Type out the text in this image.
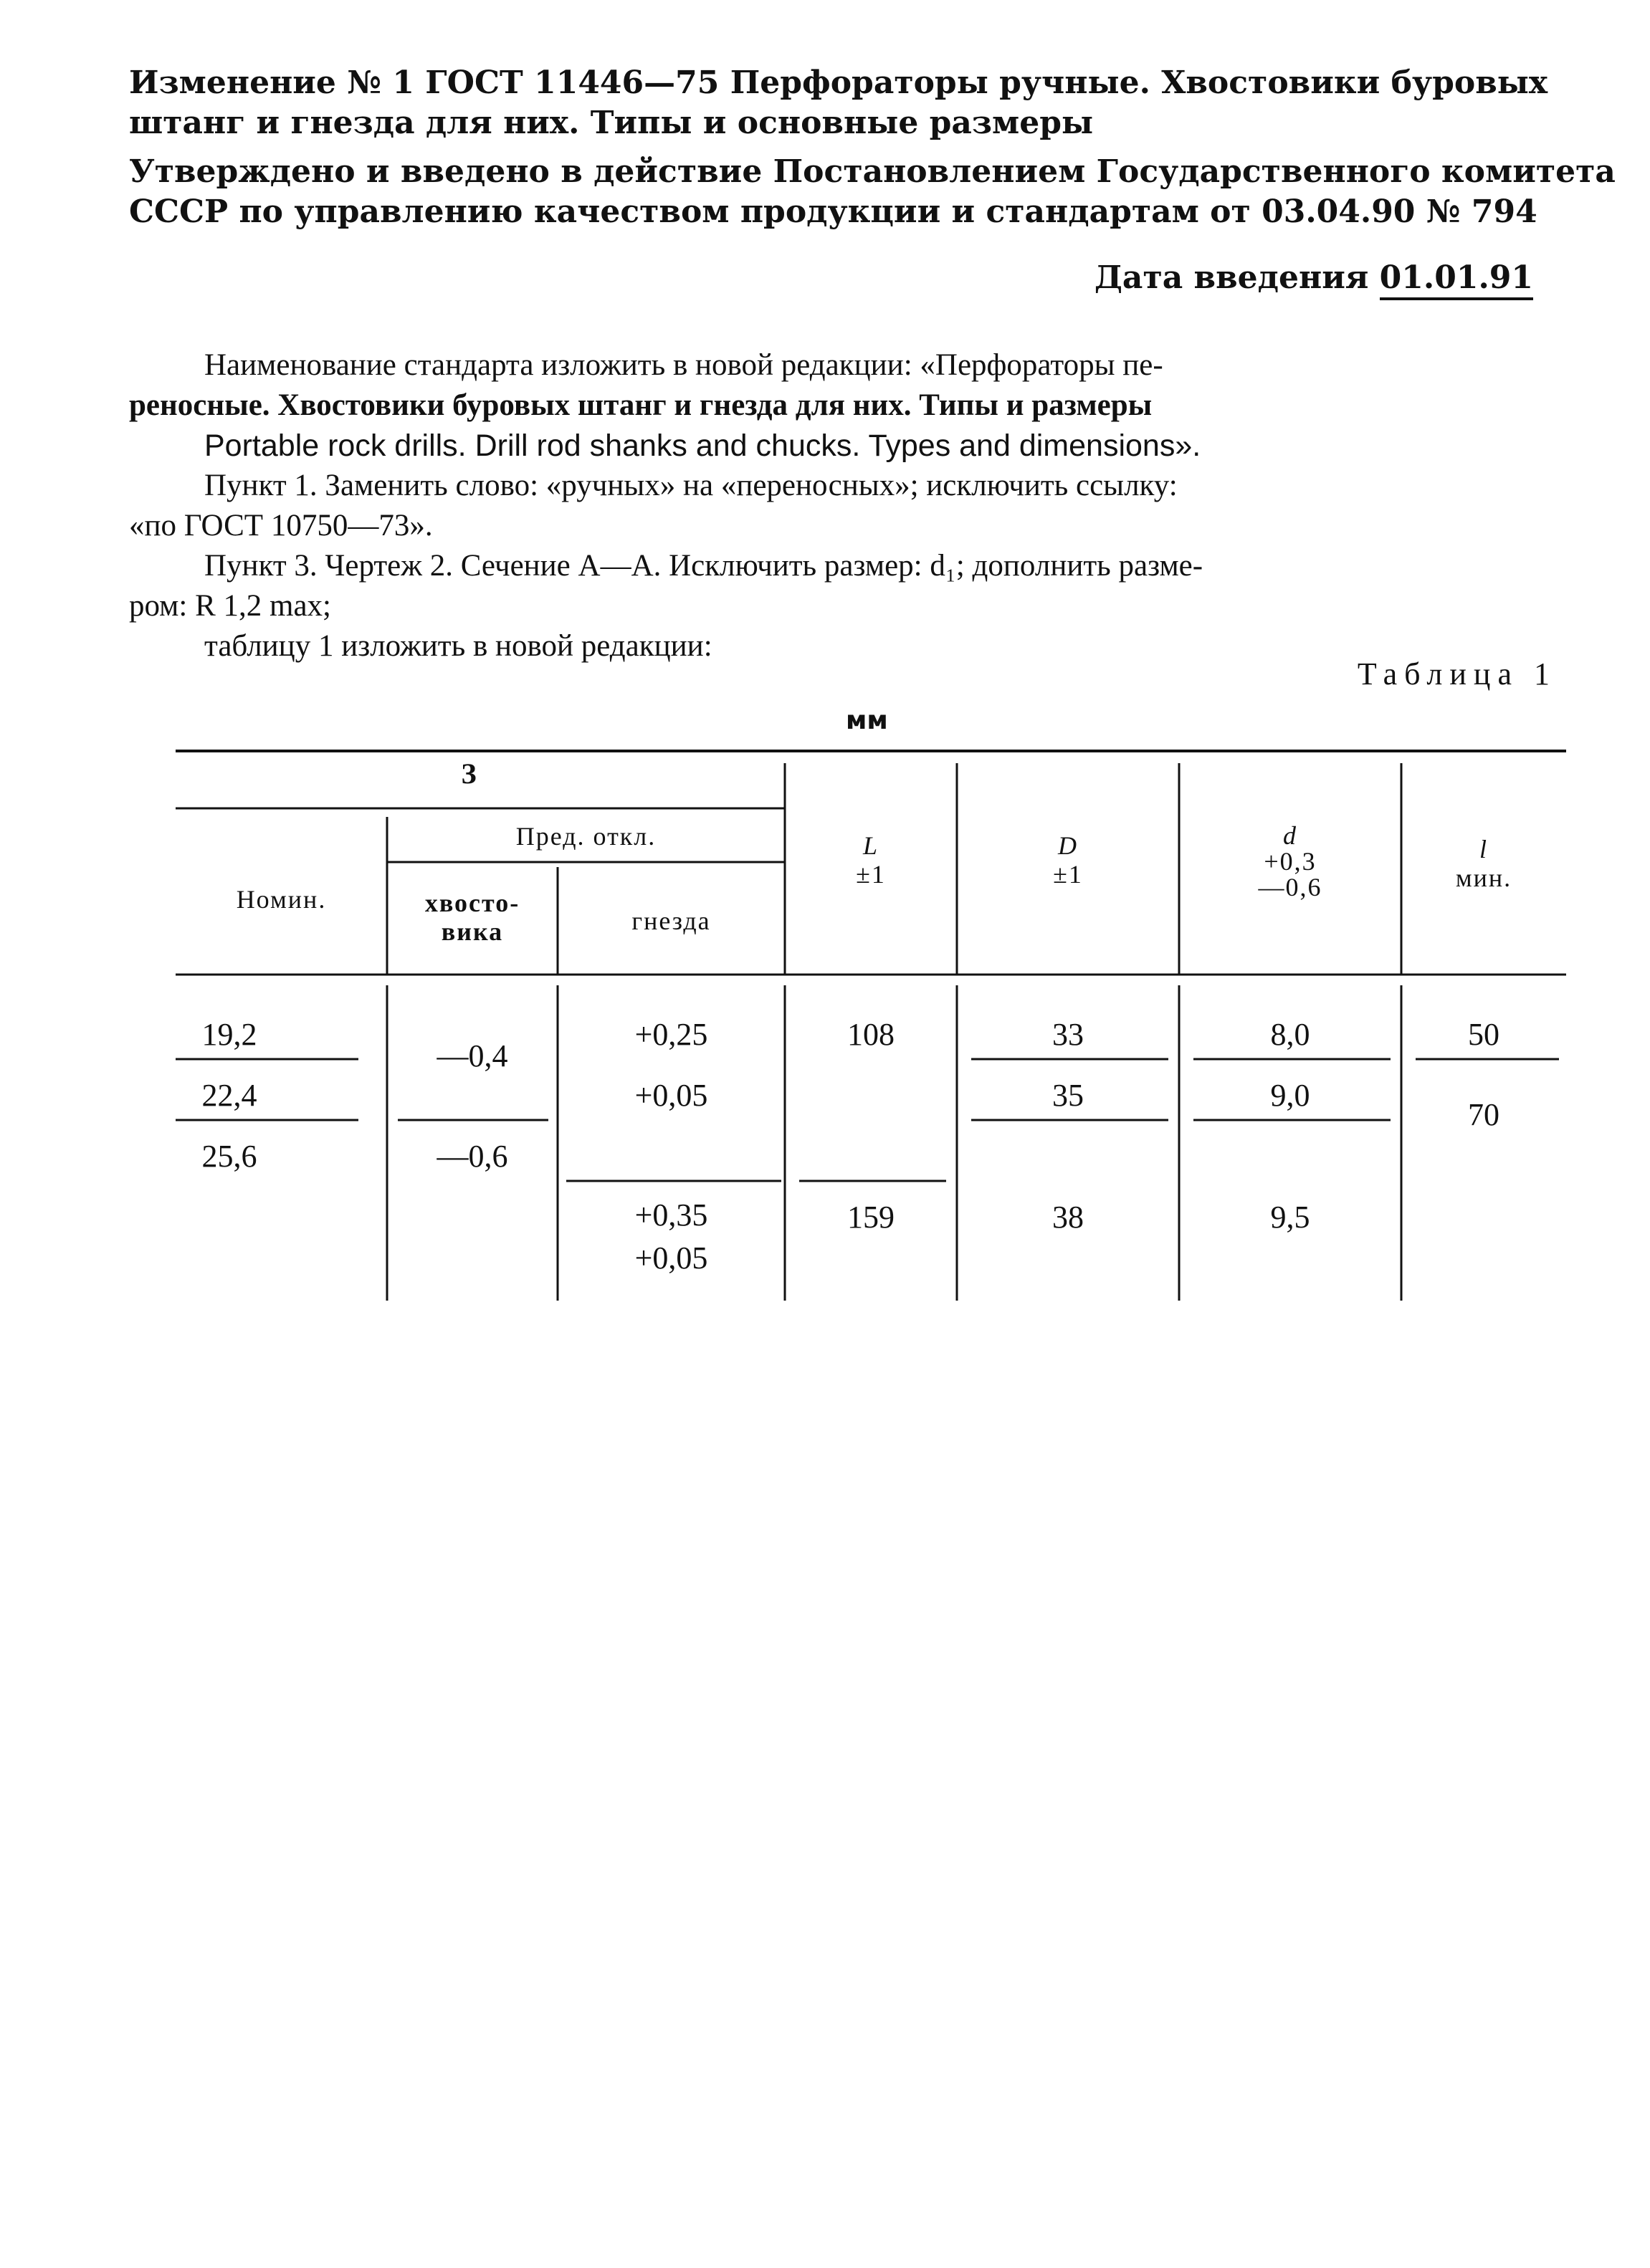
Изменение № 1 ГОСТ 11446—75 Перфораторы ручные. Хвостовики буровых
штанг и гнезда для них. Типы и основные размеры
Утверждено и введено в действие Постановлением Государственного комитета
СССР по управлению качеством продукции и стандартам от 03.04.90 № 794
Дата введения 01.01.91
Наименование стандарта изложить в новой редакции: «Перфораторы пе-
реносные. Хвостовики буровых штанг и гнезда для них. Типы и размеры
Portable rock drills. Drill rod shanks and chucks. Types and dimensions».
Пункт 1. Заменить слово: «ручных» на «переносных»; исключить ссылку:
«по ГОСТ 10750—73».
Пункт 3. Чертеж 2. Сечение А—А. Исключить размер: d₁; дополнить разме-
ром: R 1,2 max;
таблицу 1 изложить в новой редакции:
Таблица 1
мм
З
Номин.
Пред. откл.
хвосто-
вика	гнезда
L
±1
D
±1
d
+0,3
—0,6
l
мин.
19,2
22,4
25,6
—0,4
—0,6
+0,25
+0,05
+0,35
+0,05
108
159
33
35
38
8,0
9,0
9,5
50
70
